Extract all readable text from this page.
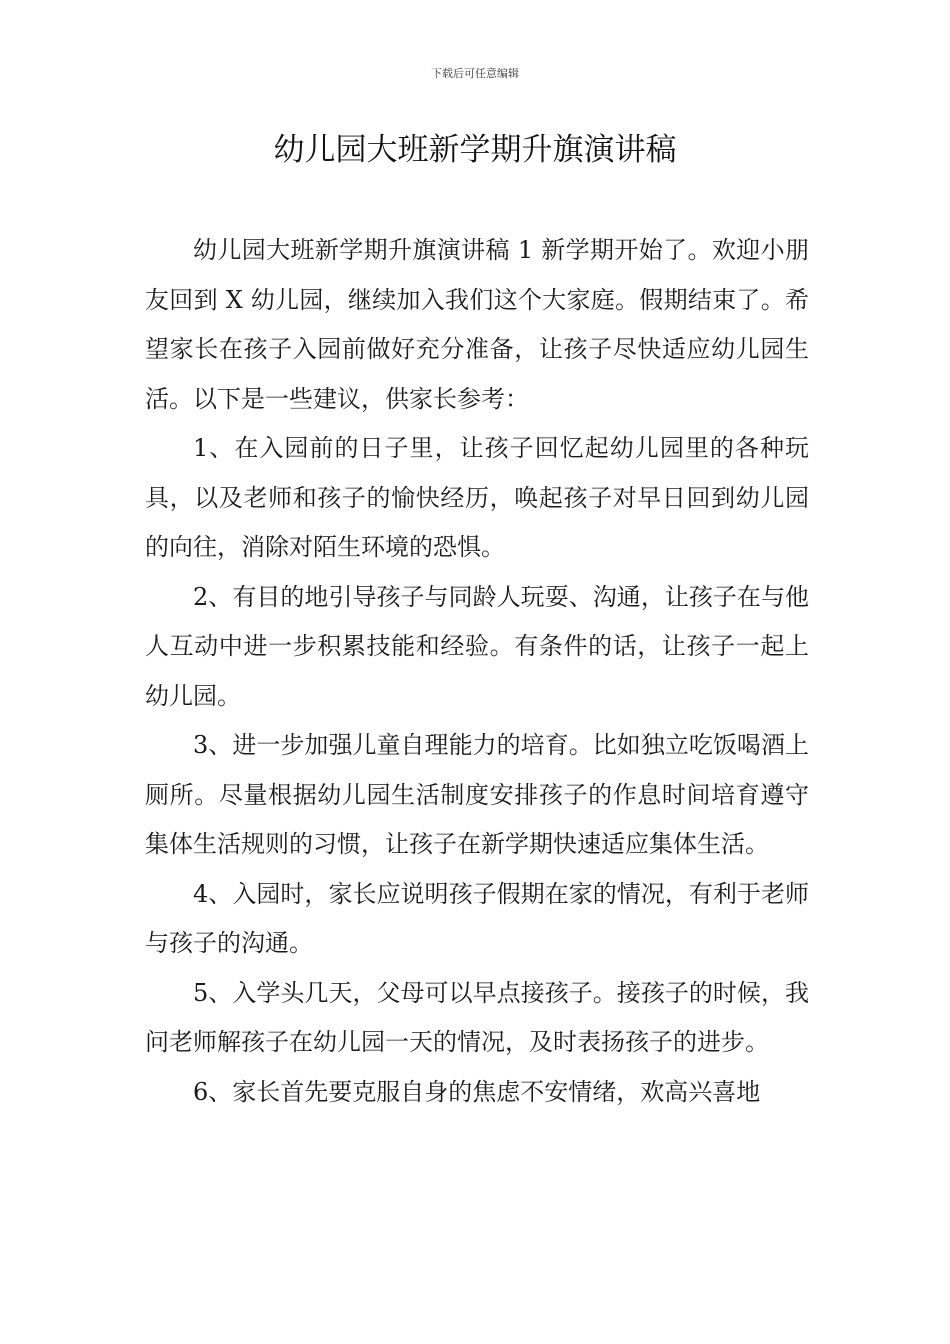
下载后可任意编辑
幼儿园大班新学期升旗演讲稿

幼儿园大班新学期升旗演讲稿 1 新学期开始了。欢迎小朋友回到 X 幼儿园，继续加入我们这个大家庭。假期结束了。希望家长在孩子入园前做好充分准备，让孩子尽快适应幼儿园生活。以下是一些建议，供家长参考：

1、在入园前的日子里，让孩子回忆起幼儿园里的各种玩具，以及老师和孩子的愉快经历，唤起孩子对早日回到幼儿园的向往，消除对陌生环境的恐惧。

2、有目的地引导孩子与同龄人玩耍、沟通，让孩子在与他人互动中进一步积累技能和经验。有条件的话，让孩子一起上幼儿园。

3、进一步加强儿童自理能力的培育。比如独立吃饭喝酒上厕所。尽量根据幼儿园生活制度安排孩子的作息时间培育遵守集体生活规则的习惯，让孩子在新学期快速适应集体生活。

4、入园时，家长应说明孩子假期在家的情况，有利于老师与孩子的沟通。

5、入学头几天，父母可以早点接孩子。接孩子的时候，我问老师解孩子在幼儿园一天的情况，及时表扬孩子的进步。

6、家长首先要克服自身的焦虑不安情绪，欢高兴喜地
